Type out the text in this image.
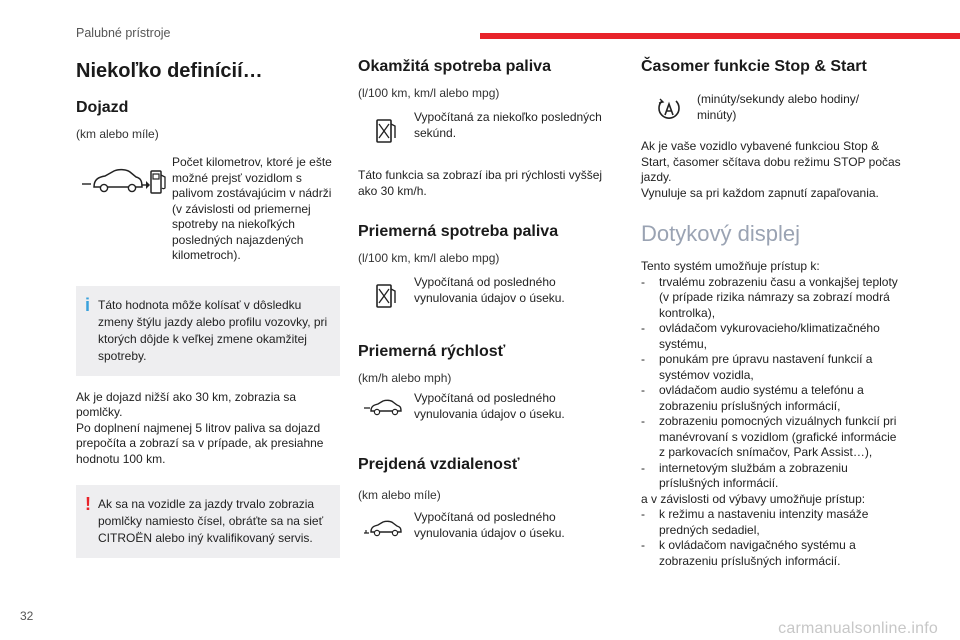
Palubné prístroje
Niekoľko definícií…
Dojazd
(km alebo míle)

Počet kilometrov, ktoré je ešte možné prejsť vozidlom s palivom zostávajúcim v nádrži (v závislosti od priemernej spotreby na niekoľkých posledných najazdených kilometroch).

i Táto hodnota môže kolísať v dôsledku zmeny štýlu jazdy alebo profilu vozovky, pri ktorých dôjde k veľkej zmene okamžitej spotreby.

Ak je dojazd nižší ako 30 km, zobrazia sa pomlčky.
Po doplnení najmenej 5 litrov paliva sa dojazd prepočíta a zobrazí sa v prípade, ak presiahne hodnotu 100 km.

! Ak sa na vozidle za jazdy trvalo zobrazia pomlčky namiesto čísel, obráťte sa na sieť CITROËN alebo iný kvalifikovaný servis.

Okamžitá spotreba paliva
(l/100 km, km/l alebo mpg)

Vypočítaná za niekoľko posledných sekúnd.

Táto funkcia sa zobrazí iba pri rýchlosti vyššej ako 30 km/h.

Priemerná spotreba paliva
(l/100 km, km/l alebo mpg)

Vypočítaná od posledného vynulovania údajov o úseku.

Priemerná rýchlosť
(km/h alebo mph)

Vypočítaná od posledného vynulovania údajov o úseku.

Prejdená vzdialenosť
(km alebo míle)

Vypočítaná od posledného vynulovania údajov o úseku.

Časomer funkcie Stop & Start

(minúty/sekundy alebo hodiny/ minúty)

Ak je vaše vozidlo vybavené funkciou Stop & Start, časomer sčítava dobu režimu STOP počas jazdy.
Vynuluje sa pri každom zapnutí zapaľovania.

Dotykový displej

Tento systém umožňuje prístup k:

-	trvalému zobrazeniu času a vonkajšej teploty (v prípade rizika námrazy sa zobrazí modrá kontrolka),
-	ovládačom vykurovacieho/klimatizačného systému,
-	ponukám pre úpravu nastavení funkcií a systémov vozidla,
-	ovládačom audio systému a telefónu a zobrazeniu príslušných informácií,
-	zobrazeniu pomocných vizuálnych funkcií pri manévrovaní s vozidlom (grafické informácie z parkovacích snímačov, Park Assist…),
-	internetovým službám a zobrazeniu príslušných informácií.

a v závislosti od výbavy umožňuje prístup:

-	k režimu a nastaveniu intenzity masáže predných sedadiel,
-	k ovládačom navigačného systému a zobrazeniu príslušných informácií.
32
carmanualsonline.info
